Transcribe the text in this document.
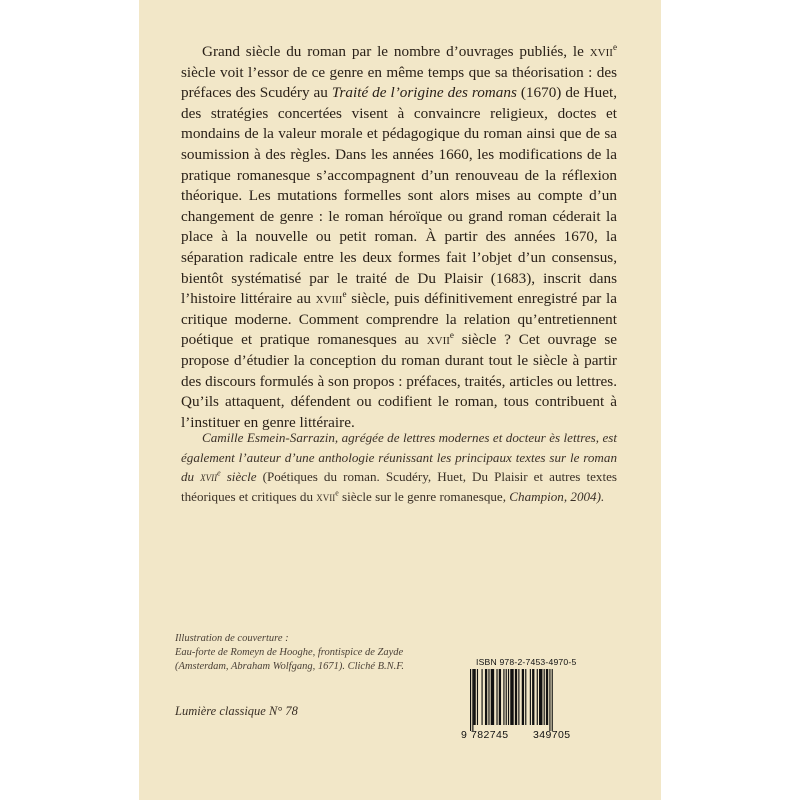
Grand siècle du roman par le nombre d’ouvrages publiés, le xvii$^e$ siècle voit l’essor de ce genre en même temps que sa théorisation : des préfaces des Scudéry au Traité de l’origine des romans (1670) de Huet, des stratégies concertées visent à convaincre religieux, doctes et mondains de la valeur morale et pédagogique du roman ainsi que de sa soumission à des règles. Dans les années 1660, les modifications de la pratique romanesque s’accompagnent d’un renouveau de la réflexion théorique. Les mutations formelles sont alors mises au compte d’un changement de genre : le roman héroïque ou grand roman céderait la place à la nouvelle ou petit roman. À partir des années 1670, la séparation radicale entre les deux formes fait l’objet d’un consensus, bientôt systématisé par le traité de Du Plaisir (1683), inscrit dans l’histoire littéraire au xviii$^e$ siècle, puis définitivement enregistré par la critique moderne. Comment comprendre la relation qu’entretiennent poétique et pratique romanesques au xvii$^e$ siècle ? Cet ouvrage se propose d’étudier la conception du roman durant tout le siècle à partir des discours formulés à son propos : préfaces, traités, articles ou lettres. Qu’ils attaquent, défendent ou codifient le roman, tous contribuent à l’instituer en genre littéraire.

Camille Esmein-Sarrazin, agrégée de lettres modernes et docteur ès lettres, est également l’auteur d’une anthologie réunissant les principaux textes sur le roman du xvii$^e$ siècle (Poétiques du roman. Scudéry, Huet, Du Plaisir et autres textes théoriques et critiques du xvii$^e$ siècle sur le genre romanesque, Champion, 2004).

Illustration de couverture :
Eau-forte de Romeyn de Hooghe, frontispice de Zayde
(Amsterdam, Abraham Wolfgang, 1671). Cliché B.N.F.
Lumière classique N° 78
ISBN 978-2-7453-4970-5
9 782745 349705
